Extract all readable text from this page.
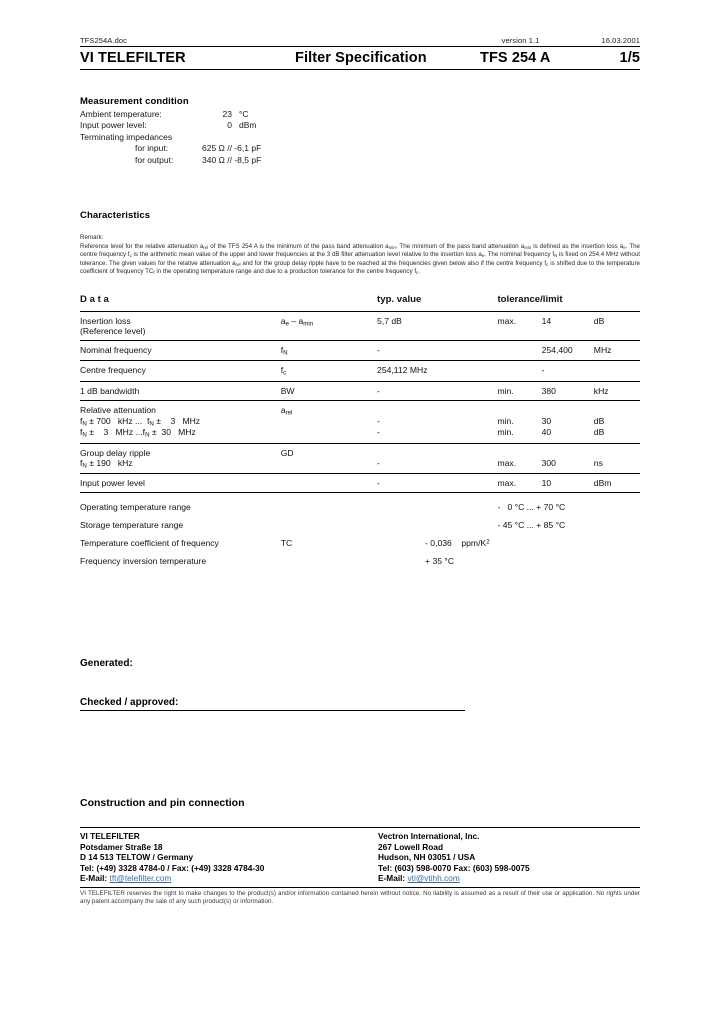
TFS254A.doc	version 1.1	16.03.2001
VI TELEFILTER	Filter Specification	TFS 254 A	1/5
Measurement condition
Ambient temperature:	23 °C
Input power level:	0 dBm
Terminating impedances
for input:	625 Ω // -6,1 pF
for output:	340 Ω // -8,5 pF
Characteristics
Remark:
Reference level for the relative attenuation $a_{rel}$ of the TFS 254 A is the minimum of the pass band attenuation $a_{min}$. The minimum of the pass band attenuation $a_{min}$ is defined as the insertion loss $a_e$. The centre frequency $f_c$ is the arithmetic mean value of the upper and lower frequencies at the 3 dB filter attenuation level relative to the insertion loss $a_e$. The nominal frequency $f_N$ is fixed on 254,4 MHz without tolerance. The given values for the relative attenuation $a_{rel}$ and for the group delay ripple have to be reached at the frequencies given below also if the centre frequency $f_c$ is shifted due to the temperature coefficient of frequency $TC_f$ in the operating temperature range and due to a production tolerance for the centre frequency $f_c$.
D a t a		typ. value	tolerance/limit		
Insertion loss
(Reference level)	$a_e - a_{min}$	5,7 dB	max.	14	dB
Nominal frequency	$f_N$	-		254,400	MHz
Centre frequency	$f_c$	254,112 MHz		-	
1 dB bandwidth	BW	-	min.	380	kHz
Relative attenuation	$a_{rel}$				
$f_N \pm 700$   kHz ...  $f_N$ ±    3   MHz		-	min.	30	dB
$f_N$ ±    3   MHz $...f_N \pm 30$   MHz		-	min.	40	dB
Group delay ripple	GD				
$f_N \pm 190$   kHz		-	max.	300	ns
Input power level		-	max.	10	dBm
Operating temperature range			-   0 °C ... + 70 °C		
Storage temperature range			- 45 °C ... + 85 °C		
Temperature coefficient of frequency	TC	- 0,036    ppm/$K^2$
Frequency inversion temperature		+ 35 °C			
Generated:
Checked / approved:
Construction and pin connection
VI TELEFILTER
Potsdamer Straße 18
D 14 513 TELTOW / Germany
Tel: (+49) 3328 4784-0 / Fax: (+49) 3328 4784-30
E-Mail: tft@telefilter.com
Vectron International, Inc.
267 Lowell Road
Hudson, NH 03051 / USA
Tel: (603) 598-0070 Fax: (603) 598-0075
E-Mail: vti@vtihh.com
VI TELEFILTER reserves the right to make changes to the product(s) and/or information contained herein without notice. No liability is assumed as a result of their use or application. No rights under any patent accompany the sale of any such product(s) or information.
